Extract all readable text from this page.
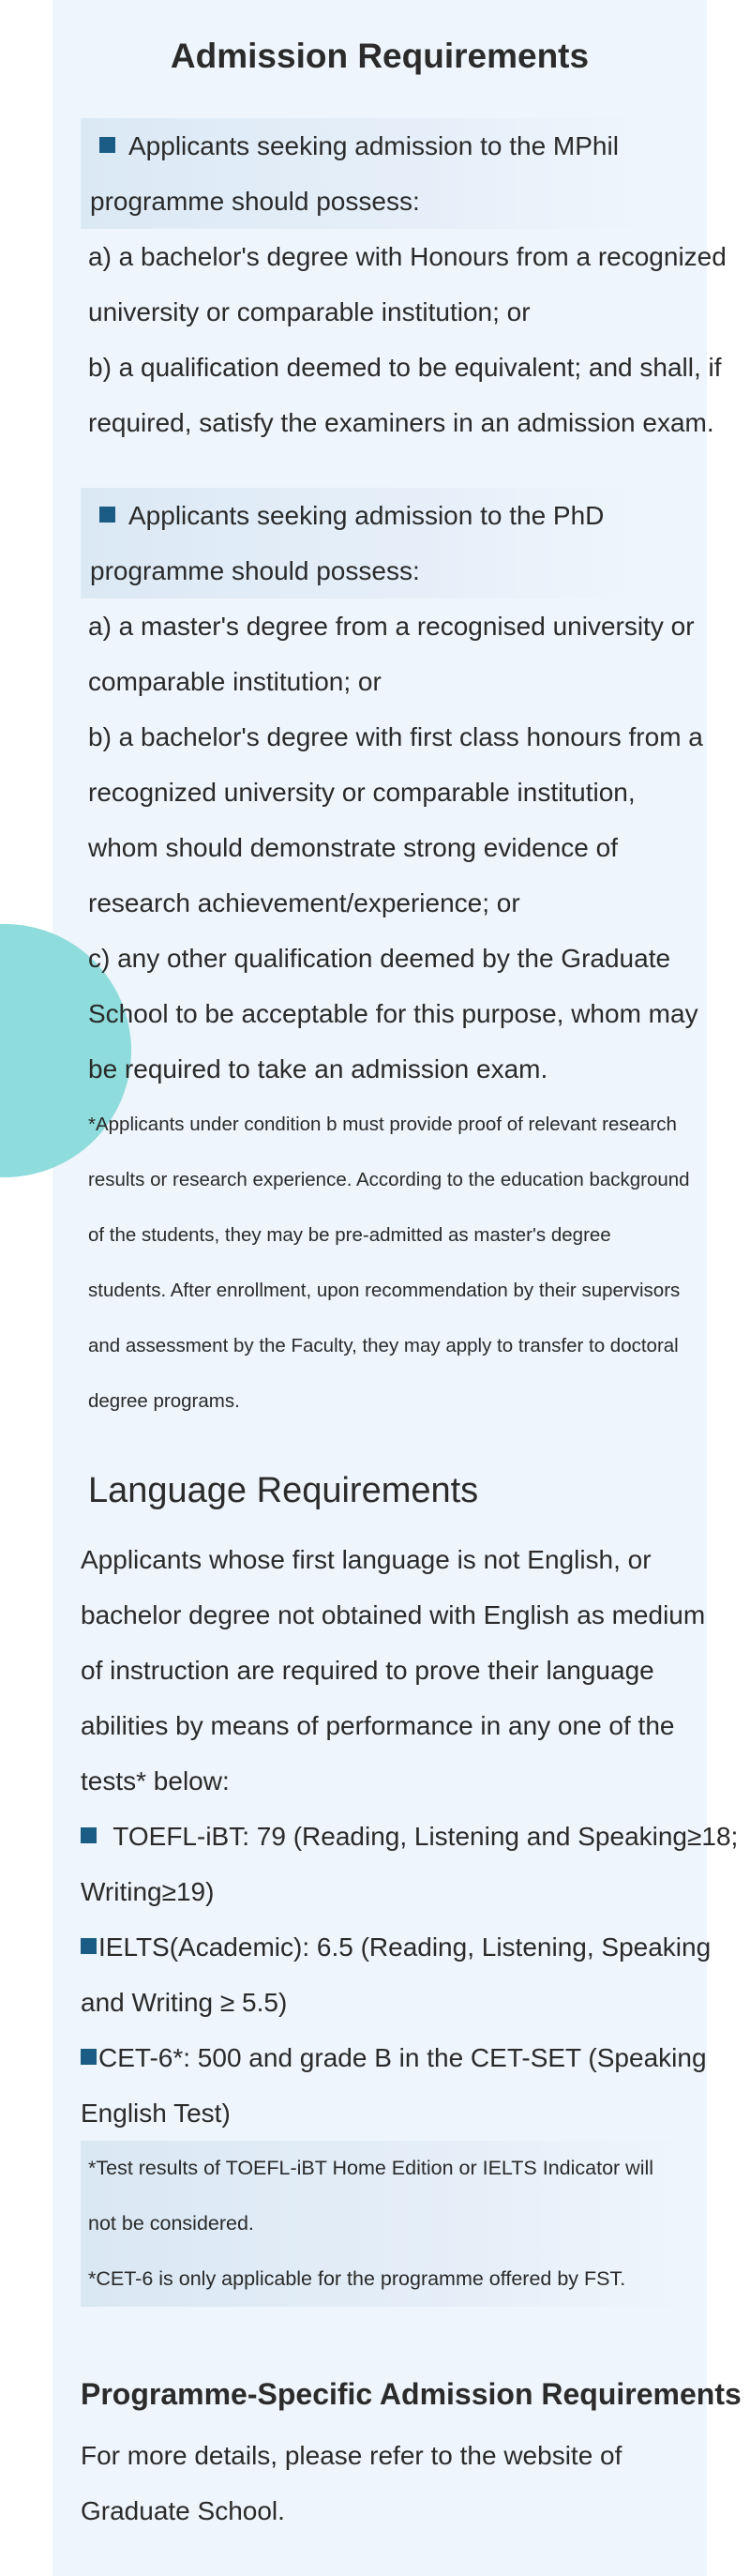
Admission Requirements
Applicants seeking admission to the MPhil
programme should possess:
a) a bachelor's degree with Honours from a recognized
university or comparable institution; or
b) a qualification deemed to be equivalent; and shall, if
required, satisfy the examiners in an admission exam.
Applicants seeking admission to the PhD
programme should possess:
a) a master's degree from a recognised university or
comparable institution; or
b) a bachelor's degree with first class honours from a
recognized university or comparable institution,
whom should demonstrate strong evidence of
research achievement/experience; or
c) any other qualification deemed by the Graduate
School to be acceptable for this purpose, whom may
be required to take an admission exam.
*Applicants under condition b must provide proof of relevant research
results or research experience. According to the education background
of the students, they may be pre-admitted as master's degree
students. After enrollment, upon recommendation by their supervisors
and assessment by the Faculty, they may apply to transfer to doctoral
degree programs.
Language Requirements
Applicants whose first language is not English, or
bachelor degree not obtained with English as medium
of instruction are required to prove their language
abilities by means of performance in any one of the
tests* below:
TOEFL-iBT: 79 (Reading, Listening and Speaking≥18;
Writing≥19)
IELTS(Academic): 6.5 (Reading, Listening, Speaking
and Writing ≥ 5.5)
CET-6*: 500 and grade B in the CET-SET (Speaking
English Test)
*Test results of TOEFL-iBT Home Edition or IELTS Indicator will
not be considered.
*CET-6 is only applicable for the programme offered by FST.
Programme-Specific Admission Requirements
For more details, please refer to the website of
Graduate School.
